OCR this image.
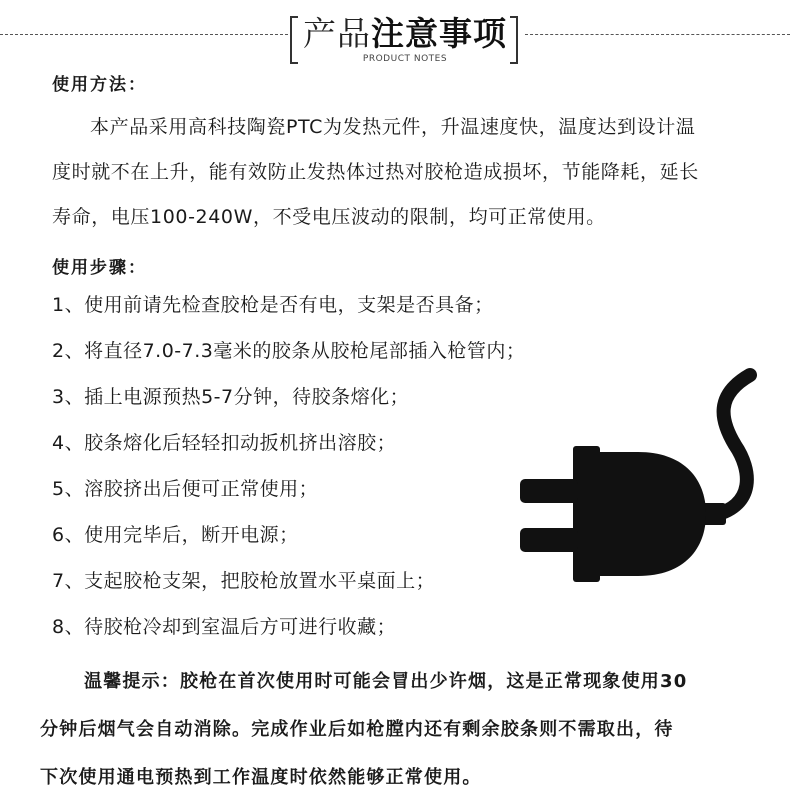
产品注意事项
PRODUCT NOTES
使用方法：

本产品采用高科技陶瓷PTC为发热元件，升温速度快，温度达到设计温
度时就不在上升，能有效防止发热体过热对胶枪造成损坏，节能降耗，延长
寿命，电压100-240W，不受电压波动的限制，均可正常使用。

使用步骤：
1、使用前请先检查胶枪是否有电，支架是否具备；
2、将直径7.0-7.3毫米的胶条从胶枪尾部插入枪管内；
3、插上电源预热5-7分钟，待胶条熔化；
4、胶条熔化后轻轻扣动扳机挤出溶胶；
5、溶胶挤出后便可正常使用；
6、使用完毕后，断开电源；
7、支起胶枪支架，把胶枪放置水平桌面上；
8、待胶枪冷却到室温后方可进行收藏；

温馨提示：胶枪在首次使用时可能会冒出少许烟，这是正常现象使用30
分钟后烟气会自动消除。完成作业后如枪膛内还有剩余胶条则不需取出，待
下次使用通电预热到工作温度时依然能够正常使用。
